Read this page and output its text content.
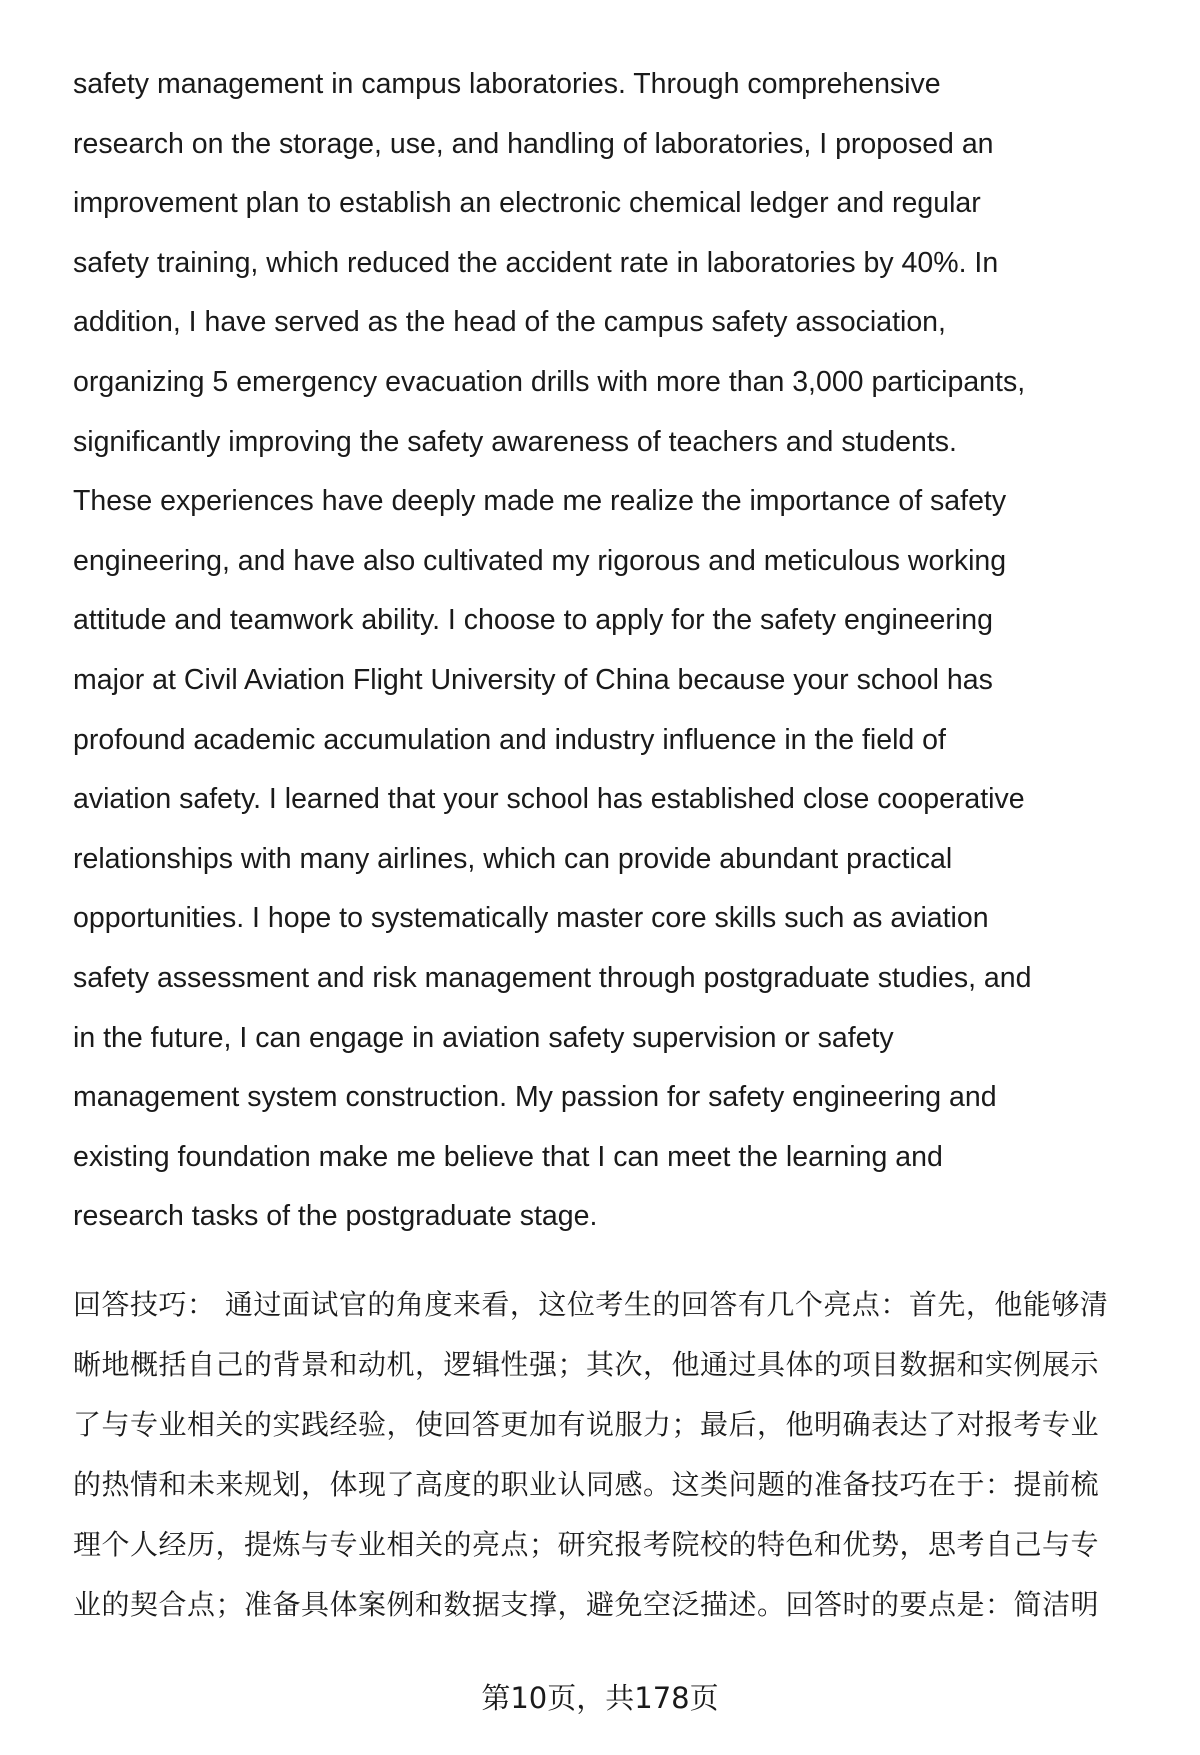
safety management in campus laboratories. Through comprehensive
research on the storage, use, and handling of laboratories, I proposed an
improvement plan to establish an electronic chemical ledger and regular
safety training, which reduced the accident rate in laboratories by 40%. In
addition, I have served as the head of the campus safety association,
organizing 5 emergency evacuation drills with more than 3,000 participants,
significantly improving the safety awareness of teachers and students.
These experiences have deeply made me realize the importance of safety
engineering, and have also cultivated my rigorous and meticulous working
attitude and teamwork ability. I choose to apply for the safety engineering
major at Civil Aviation Flight University of China because your school has
profound academic accumulation and industry influence in the field of
aviation safety. I learned that your school has established close cooperative
relationships with many airlines, which can provide abundant practical
opportunities. I hope to systematically master core skills such as aviation
safety assessment and risk management through postgraduate studies, and
in the future, I can engage in aviation safety supervision or safety
management system construction. My passion for safety engineering and
existing foundation make me believe that I can meet the learning and
research tasks of the postgraduate stage.
回答技巧： 通过面试官的角度来看，这位考生的回答有几个亮点：首先，他能够清
晰地概括自己的背景和动机，逻辑性强；其次，他通过具体的项目数据和实例展示
了与专业相关的实践经验，使回答更加有说服力；最后，他明确表达了对报考专业
的热情和未来规划，体现了高度的职业认同感。这类问题的准备技巧在于：提前梳
理个人经历，提炼与专业相关的亮点；研究报考院校的特色和优势，思考自己与专
业的契合点；准备具体案例和数据支撑，避免空泛描述。回答时的要点是：简洁明
第10页，共178页
